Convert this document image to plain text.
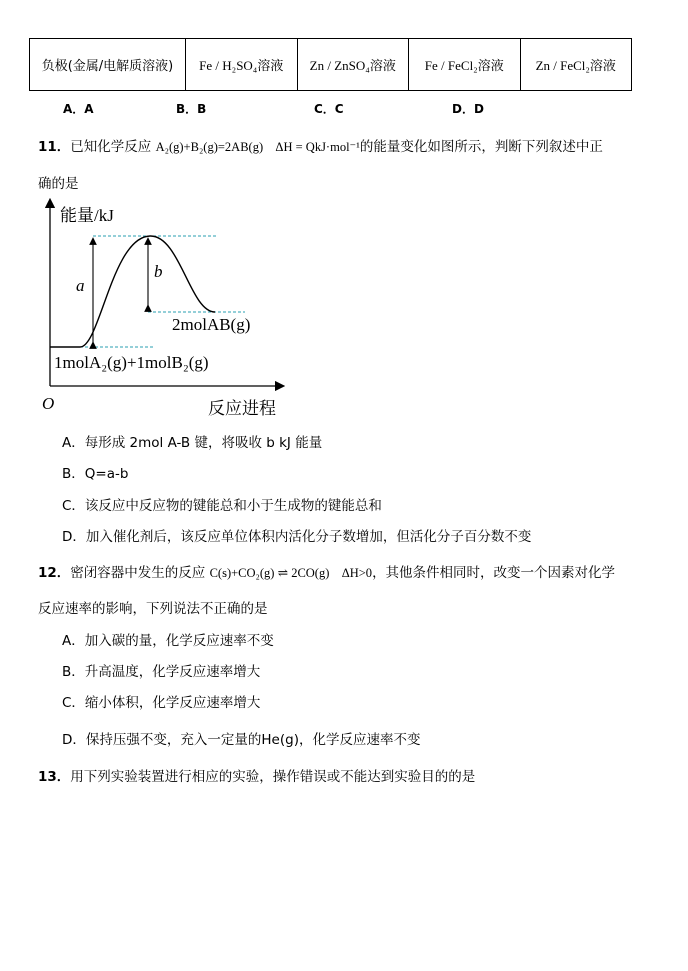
负极(金属/电解质溶液)	Fe / H₂SO₄溶液	Zn / ZnSO₄溶液	Fe / FeCl₂溶液	Zn / FeCl₂溶液
A．A	B．B	C．C	D．D
11．已知化学反应 A₂(g)+B₂(g)=2AB(g) ΔH = QkJ·mol⁻¹的能量变化如图所示，判断下列叙述中正
确的是
能量/kJ
a
b
2molAB(g)
1molA₂(g)+1molB₂(g)
O	反应进程
A．每形成 2mol A-B 键，将吸收 b kJ 能量
B．Q=a-b
C．该反应中反应物的键能总和小于生成物的键能总和
D．加入催化剂后，该反应单位体积内活化分子数增加，但活化分子百分数不变
12．密闭容器中发生的反应 C(s)+CO₂(g) ⇌ 2CO(g) ΔH>0，其他条件相同时，改变一个因素对化学
反应速率的影响，下列说法不正确的是
A．加入碳的量，化学反应速率不变
B．升高温度，化学反应速率增大
C．缩小体积，化学反应速率增大
D．保持压强不变，充入一定量的He(g)，化学反应速率不变
13．用下列实验装置进行相应的实验，操作错误或不能达到实验目的的是
